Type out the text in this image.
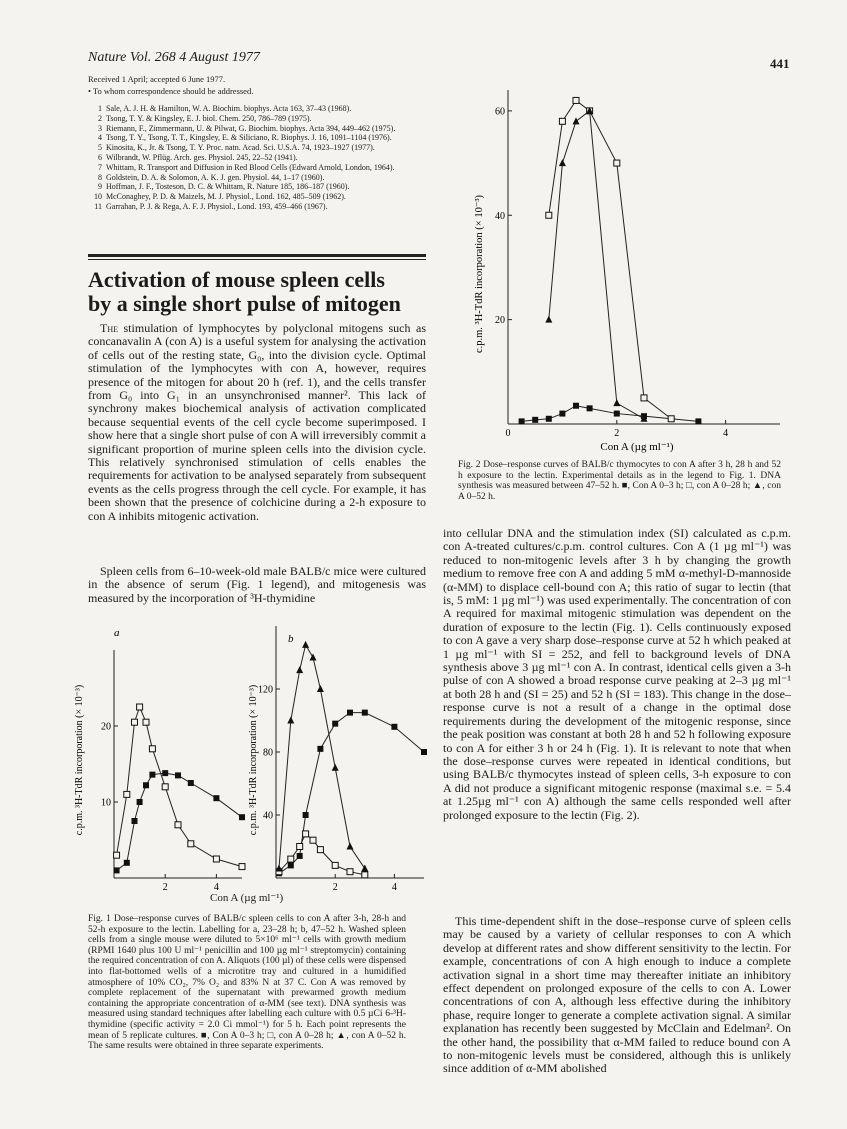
Nature Vol. 268 4 August 1977	441
Received 1 April; accepted 6 June 1977.
• To whom correspondence should be addressed.
1 Sale, A. J. H. & Hamilton, W. A. Biochim. biophys. Acta 163, 37–43 (1968).
2 Tsong, T. Y. & Kingsley, E. J. biol. Chem. 250, 786–789 (1975).
3 Riemann, F., Zimmermann, U. & Pilwat, G. Biochim. biophys. Acta 394, 449–462 (1975).
4 Tsong, T. Y., Tsong, T. T., Kingsley, E. & Siliciano, R. Biophys. J. 16, 1091–1104 (1976).
5 Kinosita, K., Jr. & Tsong, T. Y. Proc. natn. Acad. Sci. U.S.A. 74, 1923–1927 (1977).
6 Wilbrandt, W. Pflüg. Arch. ges. Physiol. 245, 22–52 (1941).
7 Whittam, R. Transport and Diffusion in Red Blood Cells (Edward Arnold, London, 1964).
8 Goldstein, D. A. & Solomon, A. K. J. gen. Physiol. 44, 1–17 (1960).
9 Hoffman, J. F., Tosteson, D. C. & Whittam, R. Nature 185, 186–187 (1960).
10 McConaghey, P. D. & Maizels, M. J. Physiol., Lond. 162, 485–509 (1962).
11 Garrahan, P. J. & Rega, A. F. J. Physiol., Lond. 193, 459–466 (1967).
Activation of mouse spleen cells
by a single short pulse of mitogen

The stimulation of lymphocytes by polyclonal mitogens such as concanavalin A (con A) is a useful system for analysing the activation of cells out of the resting state, G₀, into the division cycle. Optimal stimulation of the lymphocytes with con A, however, requires presence of the mitogen for about 20 h (ref. 1), and the cells transfer from G₀ into G₁ in an unsynchronised manner². This lack of synchrony makes biochemical analysis of activation complicated because sequential events of the cell cycle become superimposed. I show here that a single short pulse of con A will irreversibly commit a significant proportion of murine spleen cells into the division cycle. This relatively synchronised stimulation of cells enables the requirements for activation to be analysed separately from subsequent events as the cells progress through the cell cycle. For example, it has been shown that the presence of colchicine during a 2-h exposure to con A inhibits mitogenic activation.

Spleen cells from 6–10-week-old male BALB/c mice were cultured in the absence of serum (Fig. 1 legend), and mitogenesis was measured by the incorporation of ³H-thymidine

into cellular DNA and the stimulation index (SI) calculated as c.p.m. con A-treated cultures/c.p.m. control cultures. Con A (1 µg ml⁻¹) was reduced to non-mitogenic levels after 3 h by changing the growth medium to remove free con A and adding 5 mM α-methyl-D-mannoside (α-MM) to displace cell-bound con A; this ratio of sugar to lectin (that is, 5 mM: 1 µg ml⁻¹) was used experimentally. The concentration of con A required for maximal mitogenic stimulation was dependent on the duration of exposure to the lectin (Fig. 1). Cells continuously exposed to con A gave a very sharp dose–response curve at 52 h which peaked at 1 µg ml⁻¹ with SI = 252, and fell to background levels of DNA synthesis above 3 µg ml⁻¹ con A. In contrast, identical cells given a 3-h pulse of con A showed a broad response curve peaking at 2–3 µg ml⁻¹ at both 28 h and (SI = 25) and 52 h (SI = 183). This change in the dose–response curve is not a result of a change in the optimal dose requirements during the development of the mitogenic response, since the peak position was constant at both 28 h and 52 h following exposure to con A for either 3 h or 24 h (Fig. 1). It is relevant to note that when the dose–response curves were repeated in identical conditions, but using BALB/c thymocytes instead of spleen cells, 3-h exposure to con A did not produce a significant mitogenic response (maximal s.e. = 5.4 at 1.25µg ml⁻¹ con A) although the same cells responded well after prolonged exposure to the lectin (Fig. 2).

This time-dependent shift in the dose–response curve of spleen cells may be caused by a variety of cellular responses to con A which develop at different rates and show different sensitivity to the lectin. For example, concentrations of con A high enough to induce a complete activation signal in a short time may thereafter initiate an inhibitory effect dependent on prolonged exposure of the cells to con A. Lower concentrations of con A, although less effective during the inhibitory phase, require longer to generate a complete activation signal. A similar explanation has recently been suggested by McClain and Edelman². On the other hand, the possibility that α-MM failed to reduce bound con A to non-mitogenic levels must be considered, although this is unlikely since addition of α-MM abolished

c.p.m. ³H-TdR incorporation (× 10⁻³)	c.p.m. ³H-TdR incorporation (× 10⁻³)
a	b
2	4
10
20
2	4
40
80
120
Con A (µg ml⁻¹)

Fig. 1 Dose–response curves of BALB/c spleen cells to con A after 3-h, 28-h and 52-h exposure to the lectin. Labelling for a, 23–28 h; b, 47–52 h. Washed spleen cells from a single mouse were diluted to 5×10⁶ ml⁻¹ cells with growth medium (RPMI 1640 plus 100 U ml⁻¹ penicillin and 100 µg ml⁻¹ streptomycin) containing the required concentration of con A. Aliquots (100 µl) of these cells were dispensed into flat-bottomed wells of a microtitre tray and cultured in a humidified atmosphere of 10% CO₂, 7% O₂ and 83% N at 37 C. Con A was removed by complete replacement of the supernatant with prewarmed growth medium containing the appropriate concentration of α-MM (see text). DNA synthesis was measured using standard techniques after labelling each culture with 0.5 µCi 6-³H-thymidine (specific activity = 2.0 Ci mmol⁻¹) for 5 h. Each point represents the mean of 5 replicate cultures. ■, Con A 0–3 h; □, con A 0–28 h; ▲, con A 0–52 h. The same results were obtained in three separate experiments.

c.p.m. ³H-TdR incorporation (× 10⁻³)
Con A (µg ml⁻¹)
0	2	4
20
40
60

Fig. 2 Dose–response curves of BALB/c thymocytes to con A after 3 h, 28 h and 52 h exposure to the lectin. Experimental details as in the legend to Fig. 1. DNA synthesis was measured between 47–52 h. ■, Con A 0–3 h; □, con A 0–28 h; ▲, con A 0–52 h.
